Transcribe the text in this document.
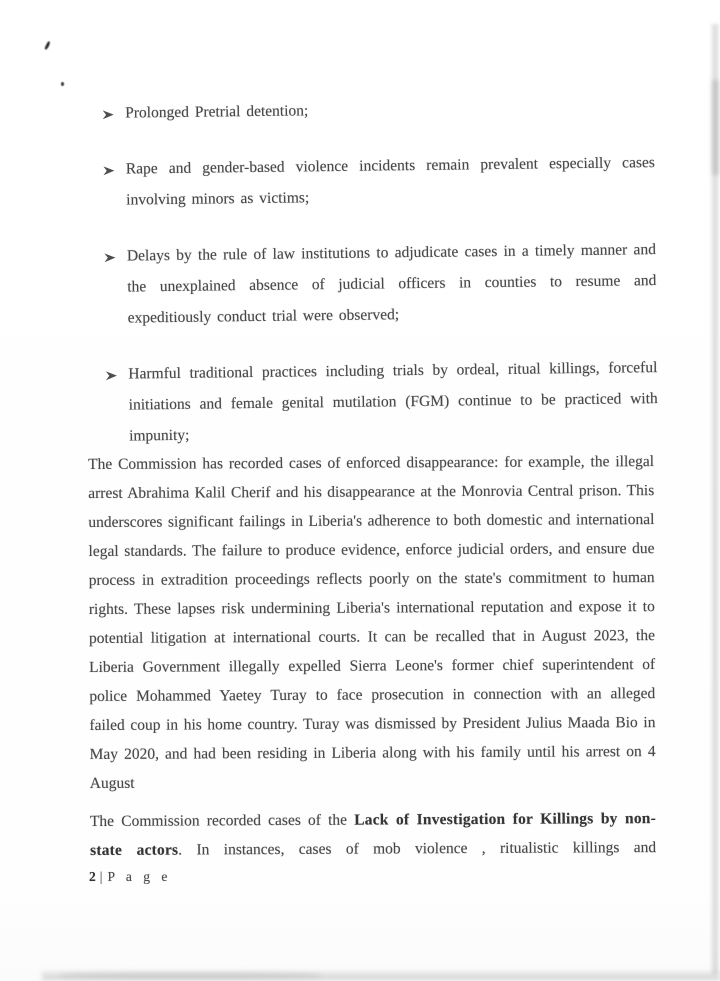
Prolonged Pretrial detention;
Rape and gender-based violence incidents remain prevalent especially cases involving minors as victims;
Delays by the rule of law institutions to adjudicate cases in a timely manner and the unexplained absence of judicial officers in counties to resume and expeditiously conduct trial were observed;
Harmful traditional practices including trials by ordeal, ritual killings, forceful initiations and female genital mutilation (FGM) continue to be practiced with impunity;

The Commission has recorded cases of enforced disappearance: for example, the illegal arrest Abrahima Kalil Cherif and his disappearance at the Monrovia Central prison. This underscores significant failings in Liberia's adherence to both domestic and international legal standards. The failure to produce evidence, enforce judicial orders, and ensure due process in extradition proceedings reflects poorly on the state's commitment to human rights. These lapses risk undermining Liberia's international reputation and expose it to potential litigation at international courts. It can be recalled that in August 2023, the Liberia Government illegally expelled Sierra Leone's former chief superintendent of police Mohammed Yaetey Turay to face prosecution in connection with an alleged failed coup in his home country. Turay was dismissed by President Julius Maada Bio in May 2020, and had been residing in Liberia along with his family until his arrest on 4 August

The Commission recorded cases of the Lack of Investigation for Killings by non-state actors. In instances, cases of mob violence , ritualistic killings and

2 | P a g e
